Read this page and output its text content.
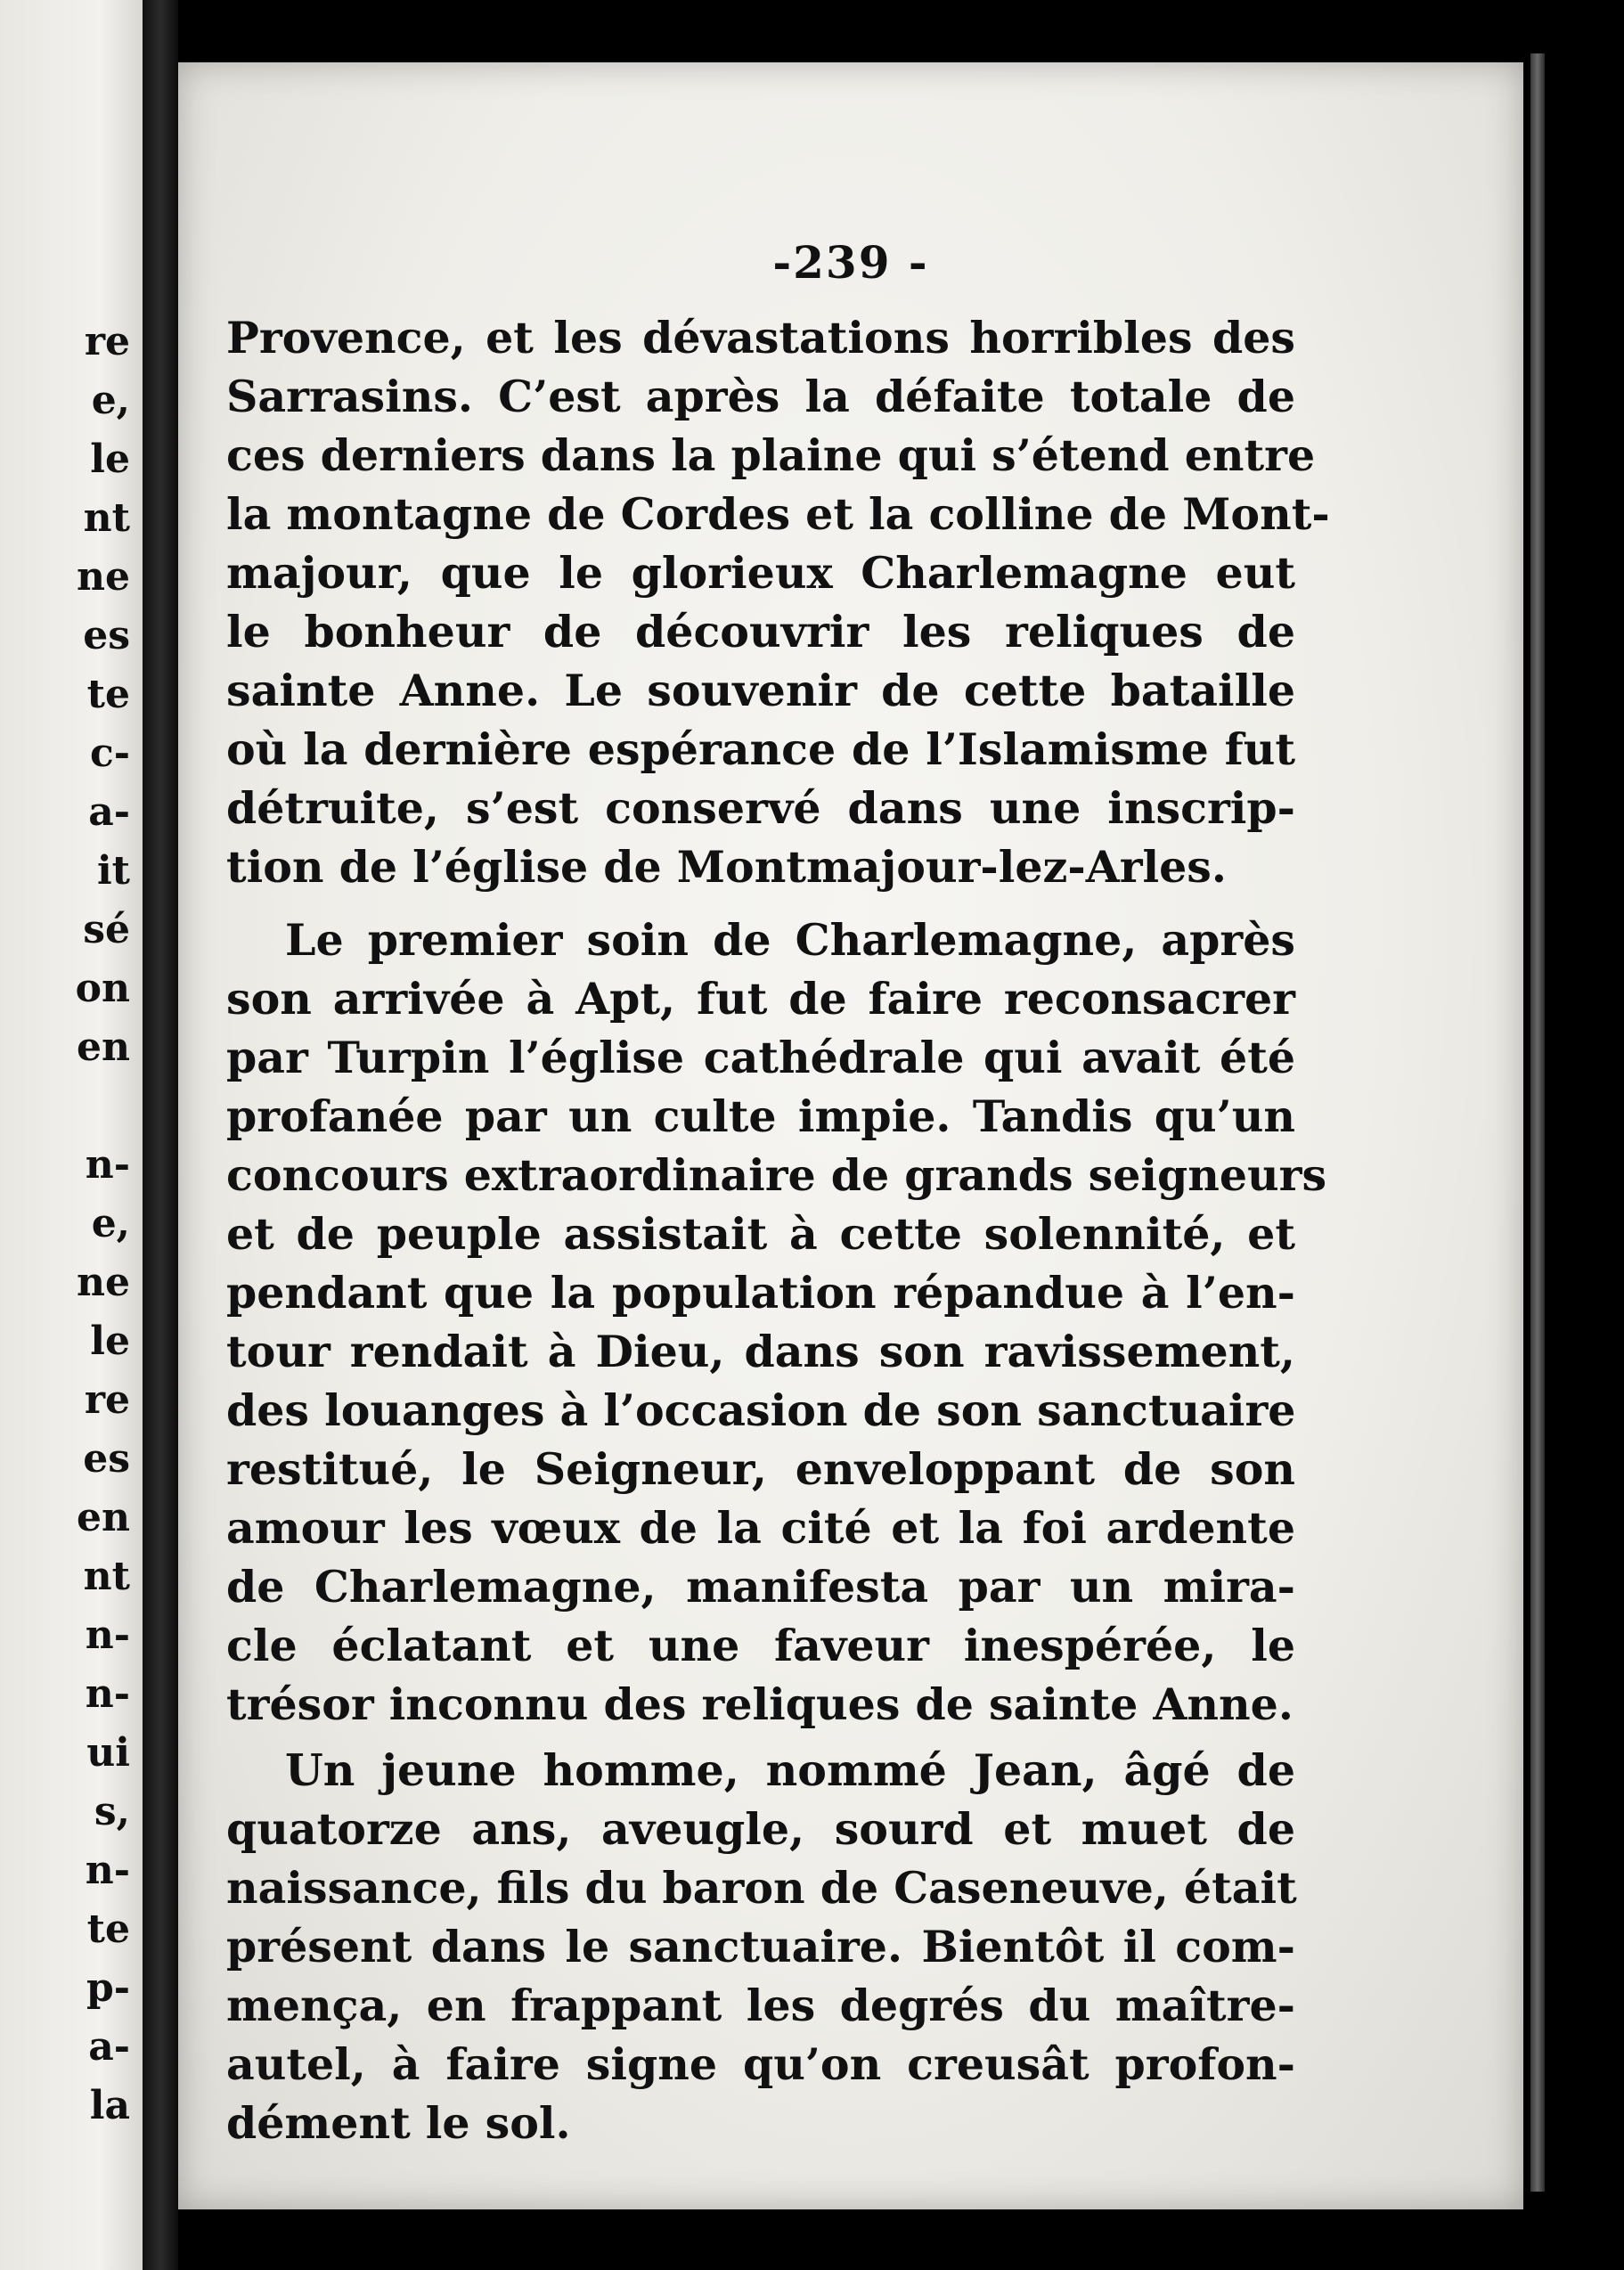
re
e,
le
nt
ne
es
te
c-
a-
it
sé
on
en
n-
e,
ne
le
re
es
en
nt
n-
n-
ui
s,
n-
te
p-
a-
la
-239 -
Provence, et les dévastations horribles des
Sarrasins. C’est après la défaite totale de
ces derniers dans la plaine qui s’étend entre
la montagne de Cordes et la colline de Mont-
majour, que le glorieux Charlemagne eut
le bonheur de découvrir les reliques de
sainte Anne. Le souvenir de cette bataille
où la dernière espérance de l’Islamisme fut
détruite, s’est conservé dans une inscrip-
tion de l’église de Montmajour-lez-Arles.
Le premier soin de Charlemagne, après
son arrivée à Apt, fut de faire reconsacrer
par Turpin l’église cathédrale qui avait été
profanée par un culte impie. Tandis qu’un
concours extraordinaire de grands seigneurs
et de peuple assistait à cette solennité, et
pendant que la population répandue à l’en-
tour rendait à Dieu, dans son ravissement,
des louanges à l’occasion de son sanctuaire
restitué, le Seigneur, enveloppant de son
amour les vœux de la cité et la foi ardente
de Charlemagne, manifesta par un mira-
cle éclatant et une faveur inespérée, le
trésor inconnu des reliques de sainte Anne.
Un jeune homme, nommé Jean, âgé de
quatorze ans, aveugle, sourd et muet de
naissance, fils du baron de Caseneuve, était
présent dans le sanctuaire. Bientôt il com-
mença, en frappant les degrés du maître-
autel, à faire signe qu’on creusât profon-
dément le sol.
